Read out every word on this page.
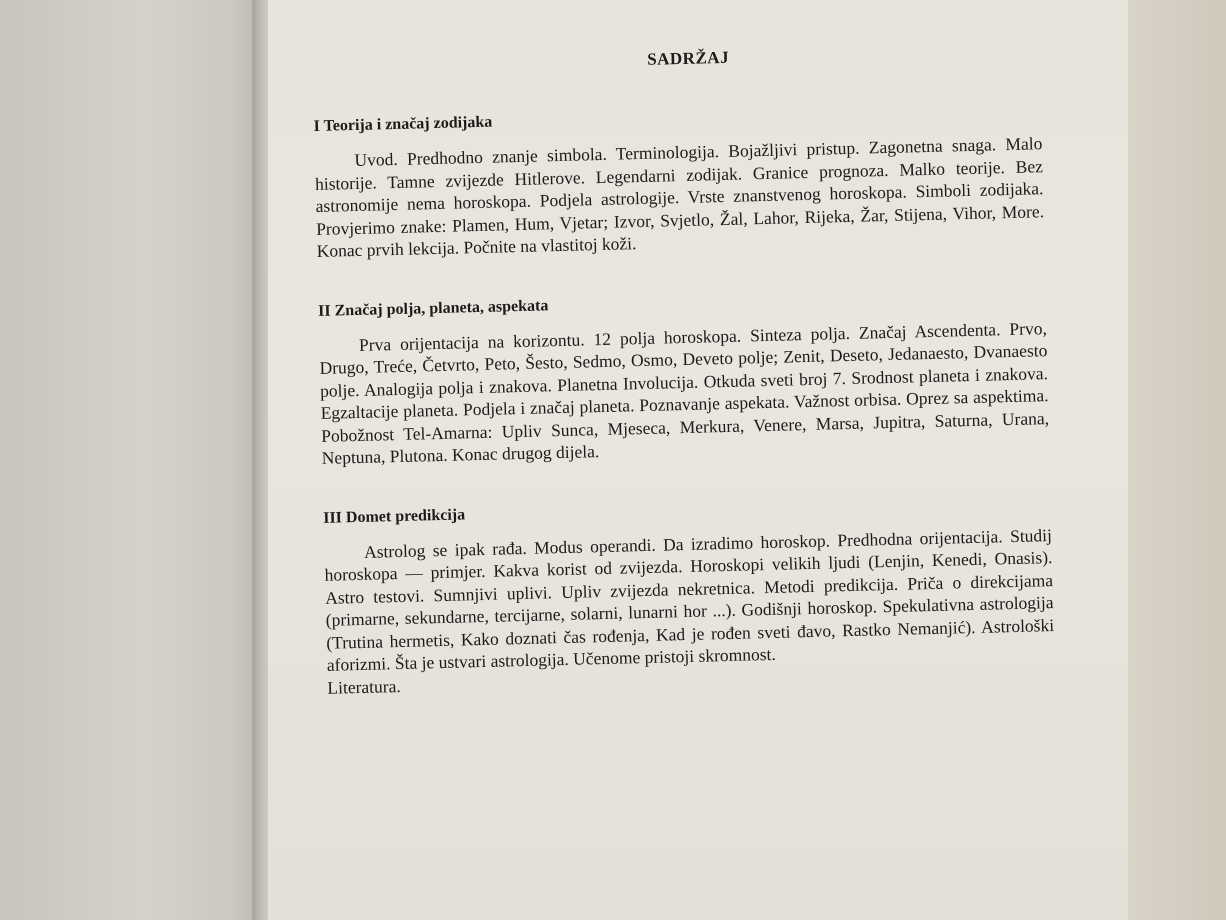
SADRŽAJ
I Teorija i značaj zodijaka

Uvod. Predhodno znanje simbola. Terminologija. Bojažljivi pristup. Zagonetna snaga. Malo historije. Tamne zvijezde Hitlerove. Legendarni zodijak. Granice prognoza. Malko teorije. Bez astronomije nema horoskopa. Podjela astrologije. Vrste znanstvenog horoskopa. Simboli zodijaka. Provjerimo znake: Plamen, Hum, Vjetar; Izvor, Svjetlo, Žal, Lahor, Rijeka, Žar, Stijena, Vihor, More. Konac prvih lekcija. Počnite na vlastitoj koži.

II Značaj polja, planeta, aspekata

Prva orijentacija na korizontu. 12 polja horoskopa. Sinteza polja. Značaj Ascendenta. Prvo, Drugo, Treće, Četvrto, Peto, Šesto, Sedmo, Osmo, Deveto polje; Zenit, Deseto, Jedanaesto, Dvanaesto polje. Analogija polja i znakova. Planetna Involucija. Otkuda sveti broj 7. Srodnost planeta i znakova. Egzaltacije planeta. Podjela i značaj planeta. Poznavanje aspekata. Važnost orbisa. Oprez sa aspektima. Pobožnost Tel-Amarna: Upliv Sunca, Mjeseca, Merkura, Venere, Marsa, Jupitra, Saturna, Urana, Neptuna, Plutona. Konac drugog dijela.

III Domet predikcija

Astrolog se ipak rađa. Modus operandi. Da izradimo horoskop. Predhodna orijentacija. Studij horoskopa — primjer. Kakva korist od zvijezda. Horoskopi velikih ljudi (Lenjin, Kenedi, Onasis). Astro testovi. Sumnjivi uplivi. Upliv zvijezda nekretnica. Metodi predikcija. Priča o direkcijama (primarne, sekundarne, tercijarne, solarni, lunarni hor ...). Godišnji horoskop. Spekulativna astrologija (Trutina hermetis, Kako doznati čas rođenja, Kad je rođen sveti đavo, Rastko Nemanjić). Astrološki aforizmi. Šta je ustvari astrologija. Učenome pristoji skromnost.
Literatura.
